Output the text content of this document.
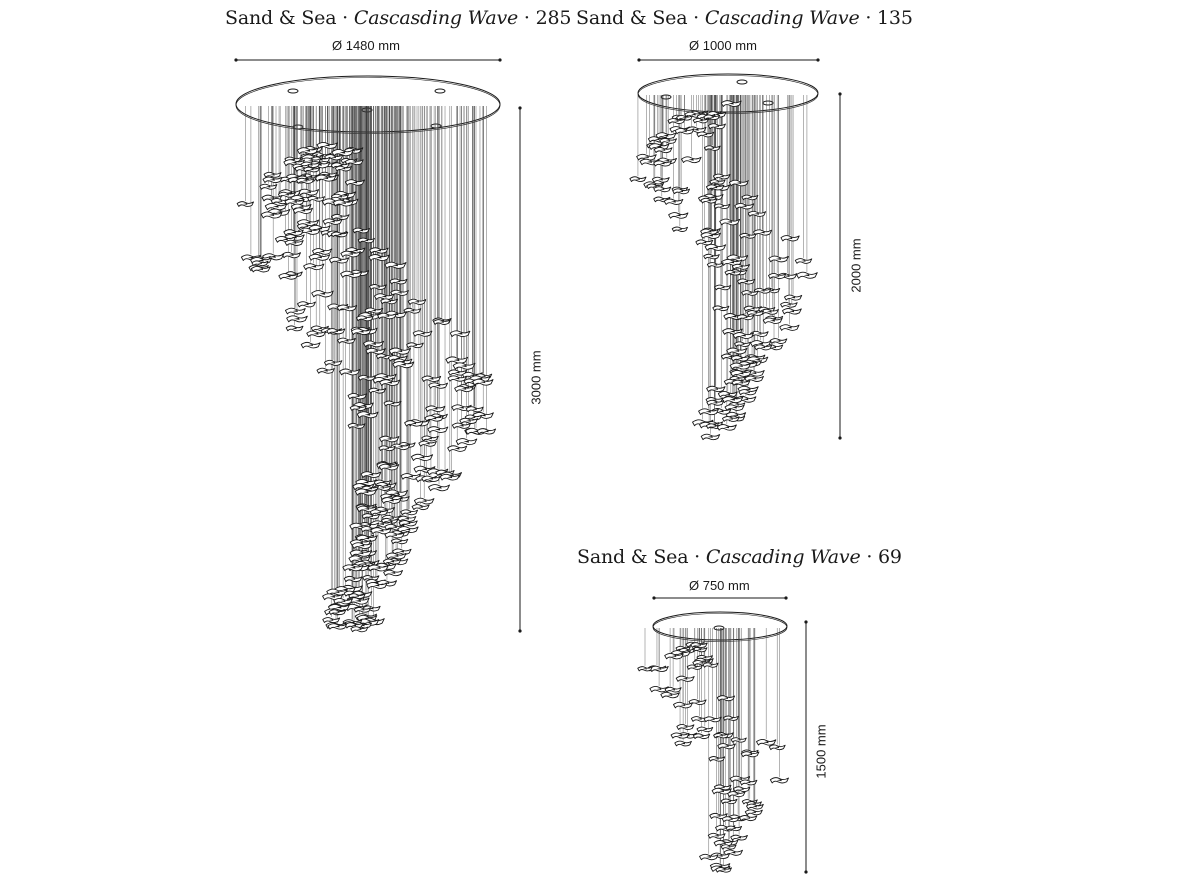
Sand & Sea · Cascasding Wave · 285 Sand & Sea · Cascading Wave · 135
Sand & Sea · Cascading Wave · 69
Ø 1480 mm	Ø 1000 mm
Ø 750 mm
3000 mm
2000 mm
1500 mm
